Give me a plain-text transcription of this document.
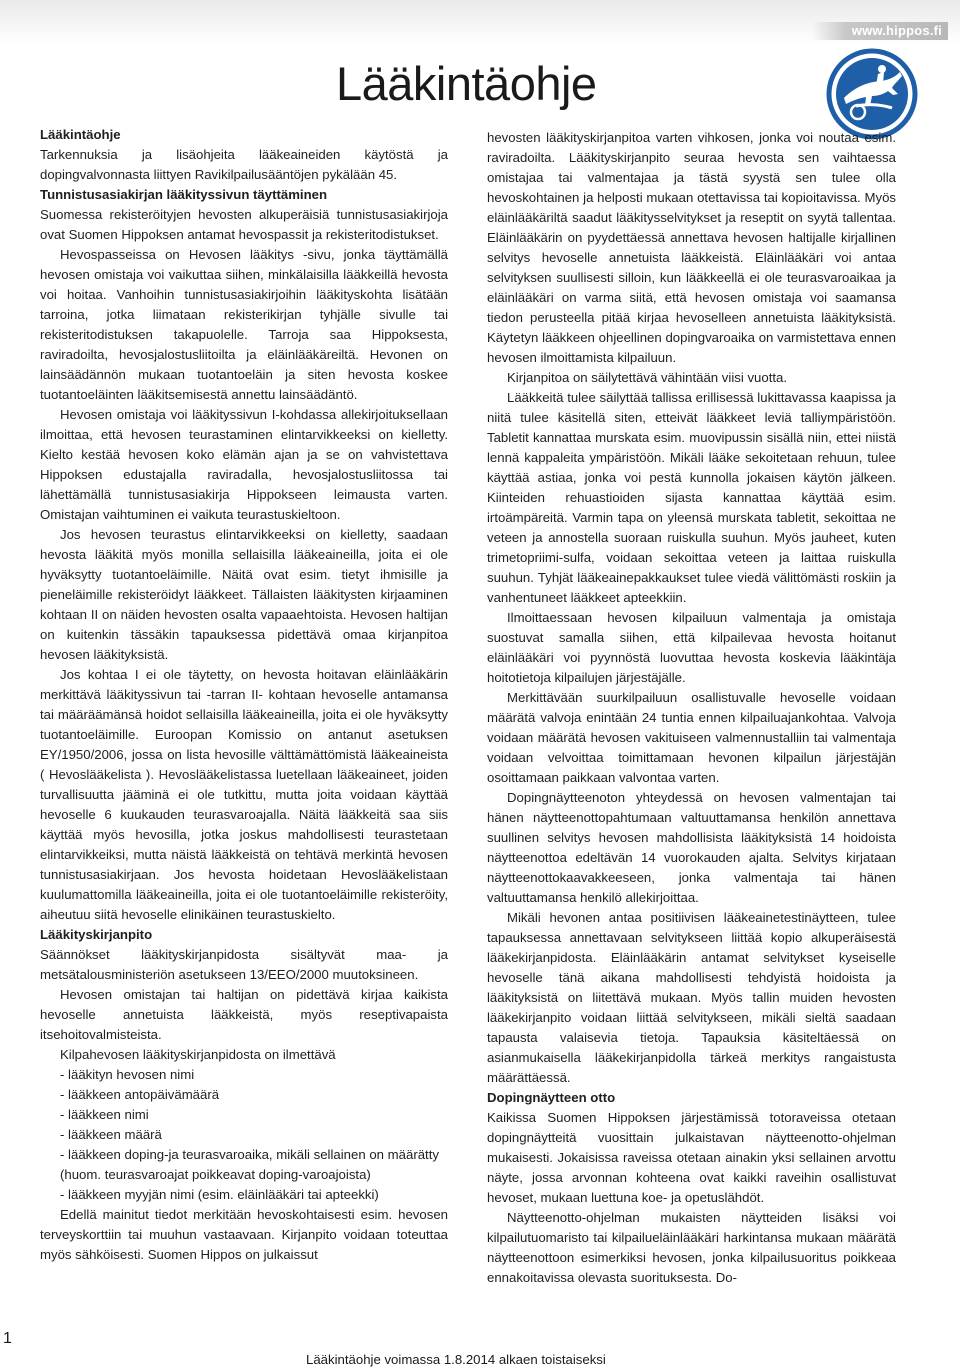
www.hippos.fi
Lääkintäohje
Lääkintäohje

Tarkennuksia ja lisäohjeita lääkeaineiden käytöstä ja dopingvalvonnasta liittyen Ravikilpailusääntöjen pykälään 45.

Tunnistusasiakirjan lääkityssivun täyttäminen

Suomessa rekisteröityjen hevosten alkuperäisiä tunnistusasiakirjoja ovat Suomen Hippoksen antamat hevospassit ja rekisteritodistukset.

Hevospasseissa on Hevosen lääkitys -sivu, jonka täyttämällä hevosen omistaja voi vaikuttaa siihen, minkälaisilla lääkkeillä hevosta voi hoitaa. Vanhoihin tunnistusasiakirjoihin lääkityskohta lisätään tarroina, jotka liimataan rekisterikirjan tyhjälle sivulle tai rekisteritodistuksen takapuolelle. Tarroja saa Hippoksesta, raviradoilta, hevosjalostusliitoilta ja eläinlääkäreiltä. Hevonen on lainsäädännön mukaan tuotantoeläin ja siten hevosta koskee tuotantoeläinten lääkitsemisestä annettu lainsäädäntö.

Hevosen omistaja voi lääkityssivun I-kohdassa allekirjoituksellaan ilmoittaa, että hevosen teurastaminen elintarvikkeeksi on kielletty. Kielto kestää hevosen koko elämän ajan ja se on vahvistettava Hippoksen edustajalla raviradalla, hevosjalostusliitossa tai lähettämällä tunnistusasiakirja Hippokseen leimausta varten. Omistajan vaihtuminen ei vaikuta teurastuskieltoon.

Jos hevosen teurastus elintarvikkeeksi on kielletty, saadaan hevosta lääkitä myös monilla sellaisilla lääkeaineilla, joita ei ole hyväksytty tuotantoeläimille. Näitä ovat esim. tietyt ihmisille ja pieneläimille rekisteröidyt lääkkeet. Tällaisten lääkitysten kirjaaminen kohtaan II on näiden hevosten osalta vapaaehtoista. Hevosen haltijan on kuitenkin tässäkin tapauksessa pidettävä omaa kirjanpitoa hevosen lääkityksistä.

Jos kohtaa I ei ole täytetty, on hevosta hoitavan eläinlääkärin merkittävä lääkityssivun tai -tarran II- kohtaan hevoselle antamansa tai määräämänsä hoidot sellaisilla lääkeaineilla, joita ei ole hyväksytty tuotantoeläimille. Euroopan Komissio on antanut asetuksen EY/1950/2006, jossa on lista hevosille välttämättömistä lääkeaineista ( Hevoslääkelista ). Hevoslääkelistassa luetellaan lääkeaineet, joiden turvallisuutta jääminä ei ole tutkittu, mutta joita voidaan käyttää hevoselle 6 kuukauden teurasvaroajalla. Näitä lääkkeitä saa siis käyttää myös hevosilla, jotka joskus mahdollisesti teurastetaan elintarvikkeiksi, mutta näistä lääkkeistä on tehtävä merkintä hevosen tunnistusasiakirjaan. Jos hevosta hoidetaan Hevoslääkelistaan kuulumattomilla lääkeaineilla, joita ei ole tuotantoeläimille rekisteröity, aiheutuu siitä hevoselle elinikäinen teurastuskielto.

Lääkityskirjanpito

Säännökset lääkityskirjanpidosta sisältyvät maa- ja metsätalousministeriön asetukseen 13/EEO/2000 muutoksineen.

Hevosen omistajan tai haltijan on pidettävä kirjaa kaikista hevoselle annetuista lääkkeistä, myös reseptivapaista itsehoitovalmisteista.

Kilpahevosen lääkityskirjanpidosta on ilmettävä

- lääkityn hevosen nimi

- lääkkeen antopäivämäärä

- lääkkeen nimi

- lääkkeen määrä

- lääkkeen doping-ja teurasvaroaika, mikäli sellainen on määrätty (huom. teurasvaroajat poikkeavat doping-varoajoista)

- lääkkeen myyjän nimi (esim. eläinlääkäri tai apteekki)

Edellä mainitut tiedot merkitään hevoskohtaisesti esim. hevosen terveyskorttiin tai muuhun vastaavaan. Kirjanpito voidaan toteuttaa myös sähköisesti. Suomen Hippos on julkaissut

hevosten lääkityskirjanpitoa varten vihkosen, jonka voi noutaa esim. raviradoilta. Lääkityskirjanpito seuraa hevosta sen vaihtaessa omistajaa tai valmentajaa ja tästä syystä sen tulee olla hevoskohtainen ja helposti mukaan otettavissa tai kopioitavissa. Myös eläinlääkäriltä saadut lääkitysselvitykset ja reseptit on syytä tallentaa. Eläinlääkärin on pyydettäessä annettava hevosen haltijalle kirjallinen selvitys hevoselle annetuista lääkkeistä. Eläinlääkäri voi antaa selvityksen suullisesti silloin, kun lääkkeellä ei ole teurasvaroaikaa ja eläinlääkäri on varma siitä, että hevosen omistaja voi saamansa tiedon perusteella pitää kirjaa hevoselleen annetuista lääkityksistä. Käytetyn lääkkeen ohjeellinen dopingvaroaika on varmistettava ennen hevosen ilmoittamista kilpailuun.

Kirjanpitoa on säilytettävä vähintään viisi vuotta.

Lääkkeitä tulee säilyttää tallissa erillisessä lukittavassa kaapissa ja niitä tulee käsitellä siten, etteivät lääkkeet leviä talliympäristöön. Tabletit kannattaa murskata esim. muovipussin sisällä niin, ettei niistä lennä kappaleita ympäristöön. Mikäli lääke sekoitetaan rehuun, tulee käyttää astiaa, jonka voi pestä kunnolla jokaisen käytön jälkeen. Kiinteiden rehuastioiden sijasta kannattaa käyttää esim. irtoämpäreitä. Varmin tapa on yleensä murskata tabletit, sekoittaa ne veteen ja annostella suoraan ruiskulla suuhun. Myös jauheet, kuten trimetopriimi-sulfa, voidaan sekoittaa veteen ja laittaa ruiskulla suuhun. Tyhjät lääkeainepakkaukset tulee viedä välittömästi roskiin ja vanhentuneet lääkkeet apteekkiin.

Ilmoittaessaan hevosen kilpailuun valmentaja ja omistaja suostuvat samalla siihen, että kilpailevaa hevosta hoitanut eläinlääkäri voi pyynnöstä luovuttaa hevosta koskevia lääkintäja hoitotietoja kilpailujen järjestäjälle.

Merkittävään suurkilpailuun osallistuvalle hevoselle voidaan määrätä valvoja enintään 24 tuntia ennen kilpailuajankohtaa. Valvoja voidaan määrätä hevosen vakituiseen valmennustalliin tai valmentaja voidaan velvoittaa toimittamaan hevonen kilpailun järjestäjän osoittamaan paikkaan valvontaa varten.

Dopingnäytteenoton yhteydessä on hevosen valmentajan tai hänen näytteenottopahtumaan valtuuttamansa henkilön annettava suullinen selvitys hevosen mahdollisista lääkityksistä 14 hoidoista näytteenottoa edeltävän 14 vuorokauden ajalta. Selvitys kirjataan näytteenottokaavakkeeseen, jonka valmentaja tai hänen valtuuttamansa henkilö allekirjoittaa.

Mikäli hevonen antaa positiivisen lääkeainetestinäytteen, tulee tapauksessa annettavaan selvitykseen liittää kopio alkuperäisestä lääkekirjanpidosta. Eläinlääkärin antamat selvitykset kyseiselle hevoselle tänä aikana mahdollisesti tehdyistä hoidoista ja lääkityksistä on liitettävä mukaan. Myös tallin muiden hevosten lääkekirjanpito voidaan liittää selvitykseen, mikäli sieltä saadaan tapausta valaisevia tietoja. Tapauksia käsiteltäessä on asianmukaisella lääkekirjanpidolla tärkeä merkitys rangaistusta määrättäessä.

Dopingnäytteen otto

Kaikissa Suomen Hippoksen järjestämissä totoraveissa otetaan dopingnäytteitä vuosittain julkaistavan näytteenotto-ohjelman mukaisesti. Jokaisissa raveissa otetaan ainakin yksi sellainen arvottu näyte, jossa arvonnan kohteena ovat kaikki raveihin osallistuvat hevoset, mukaan luettuna koe- ja opetuslähdöt.

Näytteenotto-ohjelman mukaisten näytteiden lisäksi voi kilpailutuomaristo tai kilpailueläinlääkäri harkintansa mukaan määrätä näytteenottoon esimerkiksi hevosen, jonka kilpailusuoritus poikkeaa ennakoitavissa olevasta suorituksesta. Do-

1
Lääkintäohje voimassa 1.8.2014 alkaen toistaiseksi
